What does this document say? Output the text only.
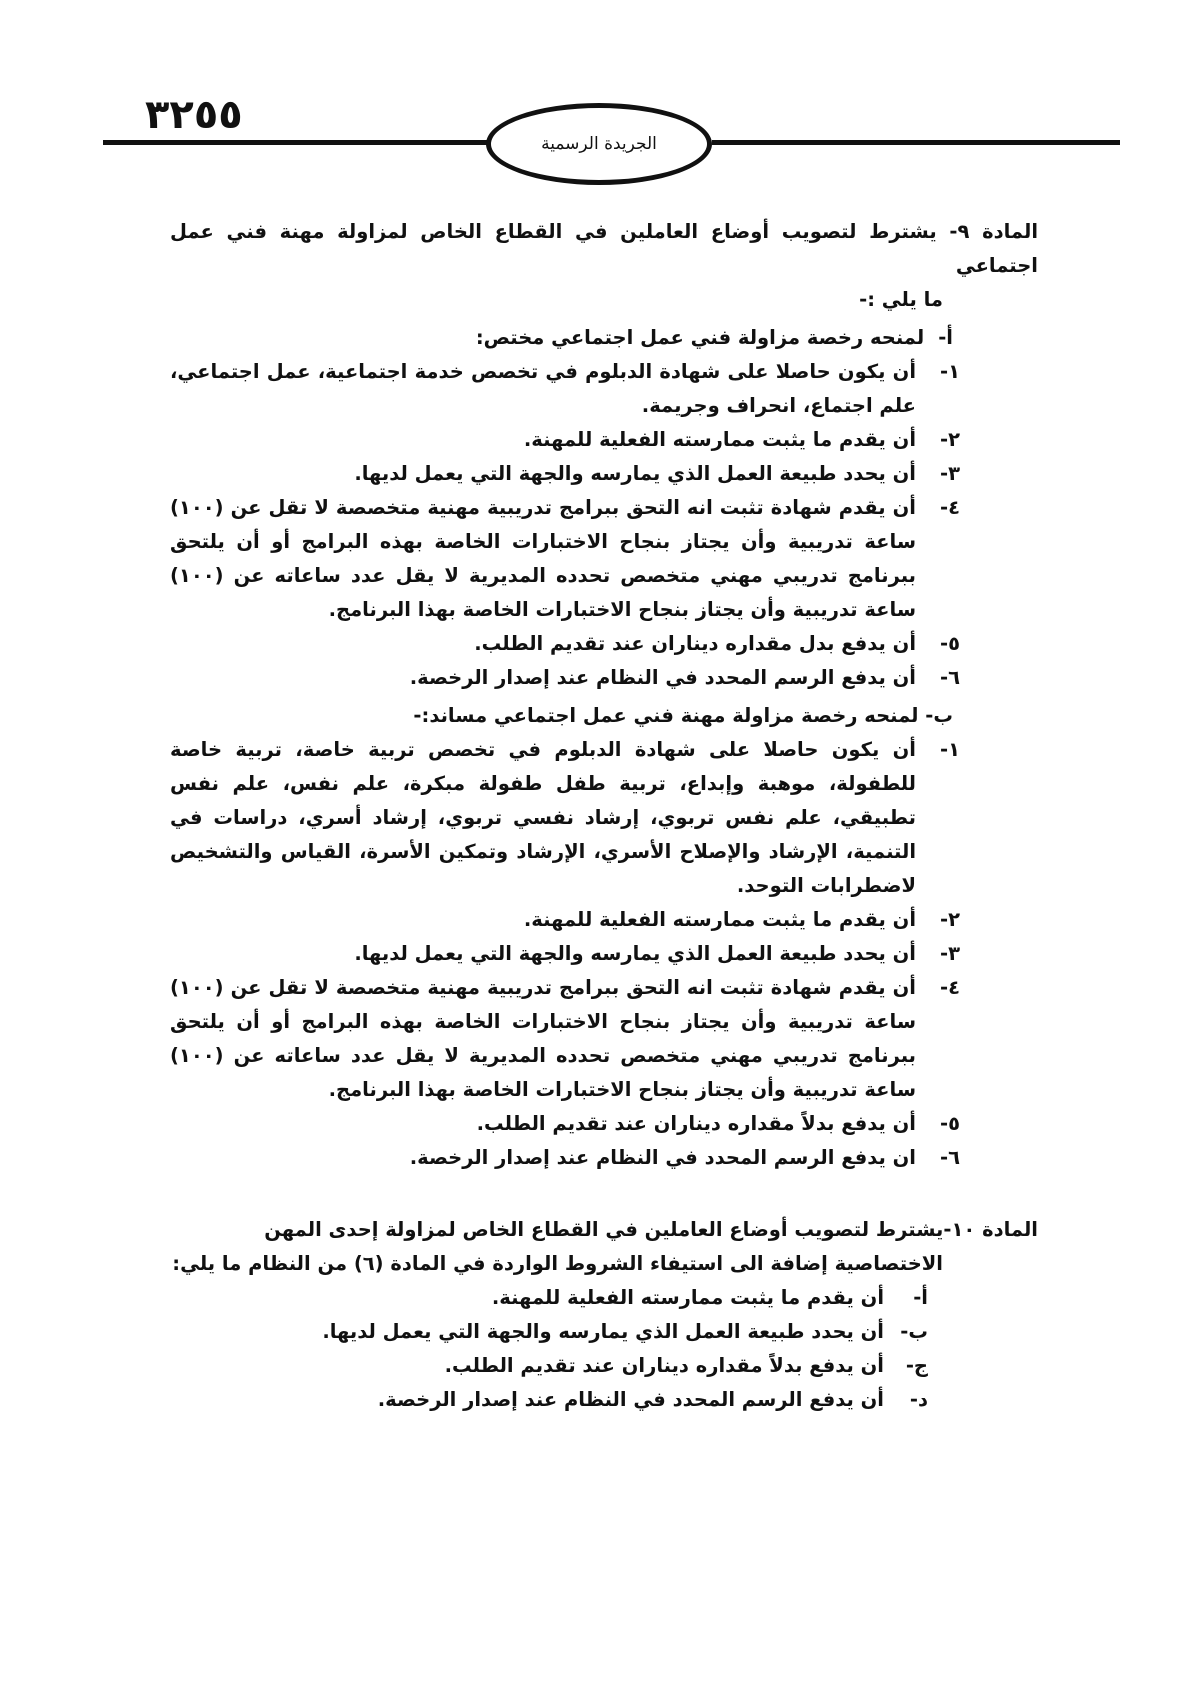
٣٢٥٥
الجريدة الرسمية
المادة ٩- يشترط لتصويب أوضاع العاملين في القطاع الخاص لمزاولة مهنة فني عمل اجتماعي
ما يلي :-
أ- لمنحه رخصة مزاولة فني عمل اجتماعي مختص:
١-
أن يكون حاصلا على شهادة الدبلوم في تخصص خدمة اجتماعية، عمل اجتماعي، علم اجتماع، انحراف وجريمة.
٢-
أن يقدم ما يثبت ممارسته الفعلية للمهنة.
٣-
أن يحدد طبيعة العمل الذي يمارسه والجهة التي يعمل لديها.
٤-
أن يقدم شهادة تثبت انه التحق ببرامج تدريبية مهنية متخصصة لا تقل عن (١٠٠) ساعة تدريبية وأن يجتاز بنجاح الاختبارات الخاصة بهذه البرامج أو أن يلتحق ببرنامج تدريبي مهني متخصص تحدده المديرية لا يقل عدد ساعاته عن (١٠٠) ساعة تدريبية وأن يجتاز بنجاح الاختبارات الخاصة بهذا البرنامج.
٥-
أن يدفع بدل مقداره ديناران عند تقديم الطلب.
٦-
أن يدفع الرسم المحدد في النظام عند إصدار الرخصة.
ب- لمنحه رخصة مزاولة مهنة فني عمل اجتماعي مساند:-
١-
أن يكون حاصلا على شهادة الدبلوم في تخصص تربية خاصة، تربية خاصة للطفولة، موهبة وإبداع، تربية طفل طفولة مبكرة، علم نفس، علم نفس تطبيقي، علم نفس تربوي، إرشاد نفسي تربوي، إرشاد أسري، دراسات في التنمية، الإرشاد والإصلاح الأسري، الإرشاد وتمكين الأسرة، القياس والتشخيص لاضطرابات التوحد.
٢-
أن يقدم ما يثبت ممارسته الفعلية للمهنة.
٣-
أن يحدد طبيعة العمل الذي يمارسه والجهة التي يعمل لديها.
٤-
أن يقدم شهادة تثبت انه التحق ببرامج تدريبية مهنية متخصصة لا تقل عن (١٠٠) ساعة تدريبية وأن يجتاز بنجاح الاختبارات الخاصة بهذه البرامج أو أن يلتحق ببرنامج تدريبي مهني متخصص تحدده المديرية لا يقل عدد ساعاته عن (١٠٠) ساعة تدريبية وأن يجتاز بنجاح الاختبارات الخاصة بهذا البرنامج.
٥-
أن يدفع بدلاً مقداره ديناران عند تقديم الطلب.
٦-
ان يدفع الرسم المحدد في النظام عند إصدار الرخصة.
المادة ١٠-يشترط لتصويب أوضاع العاملين في القطاع الخاص لمزاولة إحدى المهن
الاختصاصية إضافة الى استيفاء الشروط الواردة في المادة (٦) من النظام ما يلي:
أ-
أن يقدم ما يثبت ممارسته الفعلية للمهنة.
ب-
أن يحدد طبيعة العمل الذي يمارسه والجهة التي يعمل لديها.
ج-
أن يدفع بدلاً مقداره ديناران عند تقديم الطلب.
د-
أن يدفع الرسم المحدد في النظام عند إصدار الرخصة.
